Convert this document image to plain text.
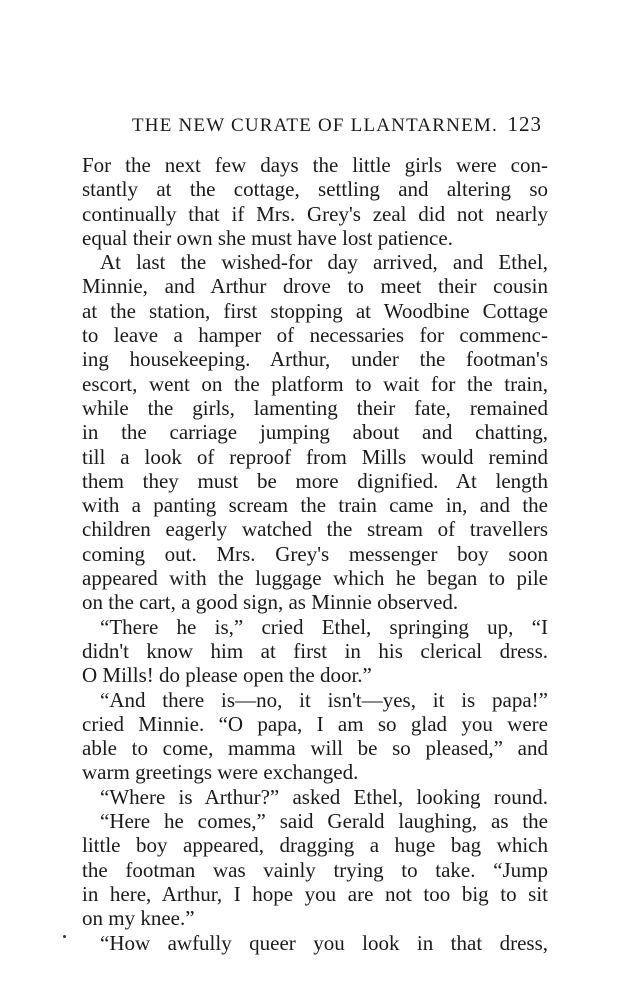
THE NEW CURATE OF LLANTARNEM. 123
For the next few days the little girls were con-
stantly at the cottage, settling and altering so
continually that if Mrs. Grey's zeal did not nearly
equal their own she must have lost patience.
At last the wished-for day arrived, and Ethel,
Minnie, and Arthur drove to meet their cousin
at the station, first stopping at Woodbine Cottage
to leave a hamper of necessaries for commenc-
ing housekeeping. Arthur, under the footman's
escort, went on the platform to wait for the train,
while the girls, lamenting their fate, remained
in the carriage jumping about and chatting,
till a look of reproof from Mills would remind
them they must be more dignified. At length
with a panting scream the train came in, and the
children eagerly watched the stream of travellers
coming out. Mrs. Grey's messenger boy soon
appeared with the luggage which he began to pile
on the cart, a good sign, as Minnie observed.
“There he is,” cried Ethel, springing up, “I
didn't know him at first in his clerical dress.
O Mills! do please open the door.”
“And there is—no, it isn't—yes, it is papa!”
cried Minnie. “O papa, I am so glad you were
able to come, mamma will be so pleased,” and
warm greetings were exchanged.
“Where is Arthur?” asked Ethel, looking round.
“Here he comes,” said Gerald laughing, as the
little boy appeared, dragging a huge bag which
the footman was vainly trying to take. “Jump
in here, Arthur, I hope you are not too big to sit
on my knee.”
“How awfully queer you look in that dress,
